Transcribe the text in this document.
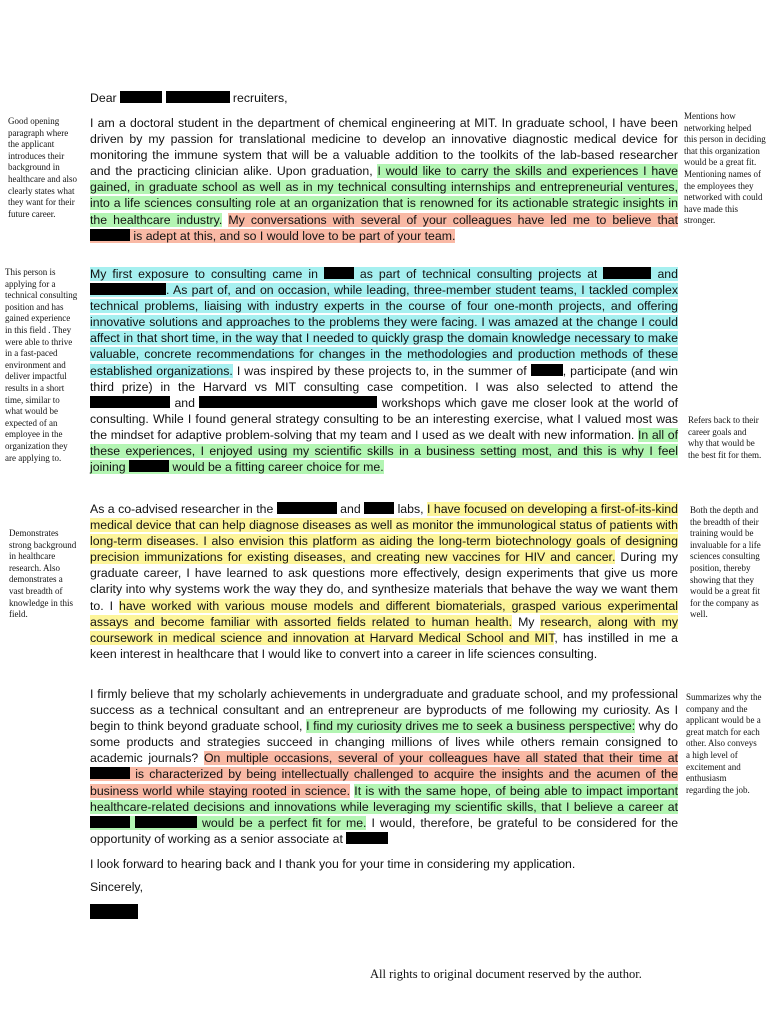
Good opening paragraph where the applicant introduces their background in healthcare and also clearly states what they want for their future career.
This person is applying for a technical consulting position and has gained experience in this field . They were able to thrive in a fast-paced environment and deliver impactful results in a short time, similar to what would be expected of an employee in the organization they are applying to.
Demonstrates strong background in healthcare research. Also demonstrates a vast breadth of knowledge in this field.
Mentions how networking helped this person in deciding that this organization would be a great fit. Mentioning names of the employees they networked with could have made this stronger.
Refers back to their career goals and why that would be the best fit for them.
Both the depth and the breadth of their training would be invaluable for a life sciences consulting position, thereby showing that they would be a great fit for the company as well.
Summarizes why the company and the applicant would be a great match for each other. Also conveys a high level of excitement and enthusiasm regarding the job.
Dear	recruiters,

I am a doctoral student in the department of chemical engineering at MIT. In graduate school, I have been driven by my passion for translational medicine to develop an innovative diagnostic medical device for monitoring the immune system that will be a valuable addition to the toolkits of the lab-based researcher and the practicing clinician alike. Upon graduation, I would like to carry the skills and experiences I have gained, in graduate school as well as in my technical consulting internships and entrepreneurial ventures, into a life sciences consulting role at an organization that is renowned for its actionable strategic insights in the healthcare industry. My conversations with several of your colleagues have led me to believe that  is adept at this, and so I would love to be part of your team.

My first exposure to consulting came in	as part of technical consulting projects at	and . As part of, and on occasion, while leading, three-member student teams, I tackled complex technical problems, liaising with industry experts in the course of four one-month projects, and offering innovative solutions and approaches to the problems they were facing. I was amazed at the change I could affect in that short time, in the way that I needed to quickly grasp the domain knowledge necessary to make valuable, concrete recommendations for changes in the methodologies and production methods of these established organizations. I was inspired by these projects to, in the summer of	, participate (and win third prize) in the Harvard vs MIT consulting case competition. I was also selected to attend the  and	workshops which gave me closer look at the world of consulting. While I found general strategy consulting to be an interesting exercise, what I valued most was the mindset for adaptive problem-solving that my team and I used as we dealt with new information. In all of these experiences, I enjoyed using my scientific skills in a business setting most, and this is why I feel joining	would be a fitting career choice for me.

As a co-advised researcher in the	and	labs, I have focused on developing a first-of-its-kind medical device that can help diagnose diseases as well as monitor the immunological status of patients with long-term diseases. I also envision this platform as aiding the long-term biotechnology goals of designing precision immunizations for existing diseases, and creating new vaccines for HIV and cancer. During my graduate career, I have learned to ask questions more effectively, design experiments that give us more clarity into why systems work the way they do, and synthesize materials that behave the way we want them to. I have worked with various mouse models and different biomaterials, grasped various experimental assays and become familiar with assorted fields related to human health. My research, along with my coursework in medical science and innovation at Harvard Medical School and MIT, has instilled in me a keen interest in healthcare that I would like to convert into a career in life sciences consulting.

I firmly believe that my scholarly achievements in undergraduate and graduate school, and my professional success as a technical consultant and an entrepreneur are byproducts of me following my curiosity. As I begin to think beyond graduate school, I find my curiosity drives me to seek a business perspective: why do some products and strategies succeed in changing millions of lives while others remain consigned to academic journals? On multiple occasions, several of your colleagues have all stated that their time at  is characterized by being intellectually challenged to acquire the insights and the acumen of the business world while staying rooted in science. It is with the same hope, of being able to impact important healthcare-related decisions and innovations while leveraging my scientific skills, that I believe a career at   would be a perfect fit for me. I would, therefore, be grateful to be considered for the opportunity of working as a senior associate at

I look forward to hearing back and I thank you for your time in considering my application.

Sincerely,

All rights to original document reserved by the author.
